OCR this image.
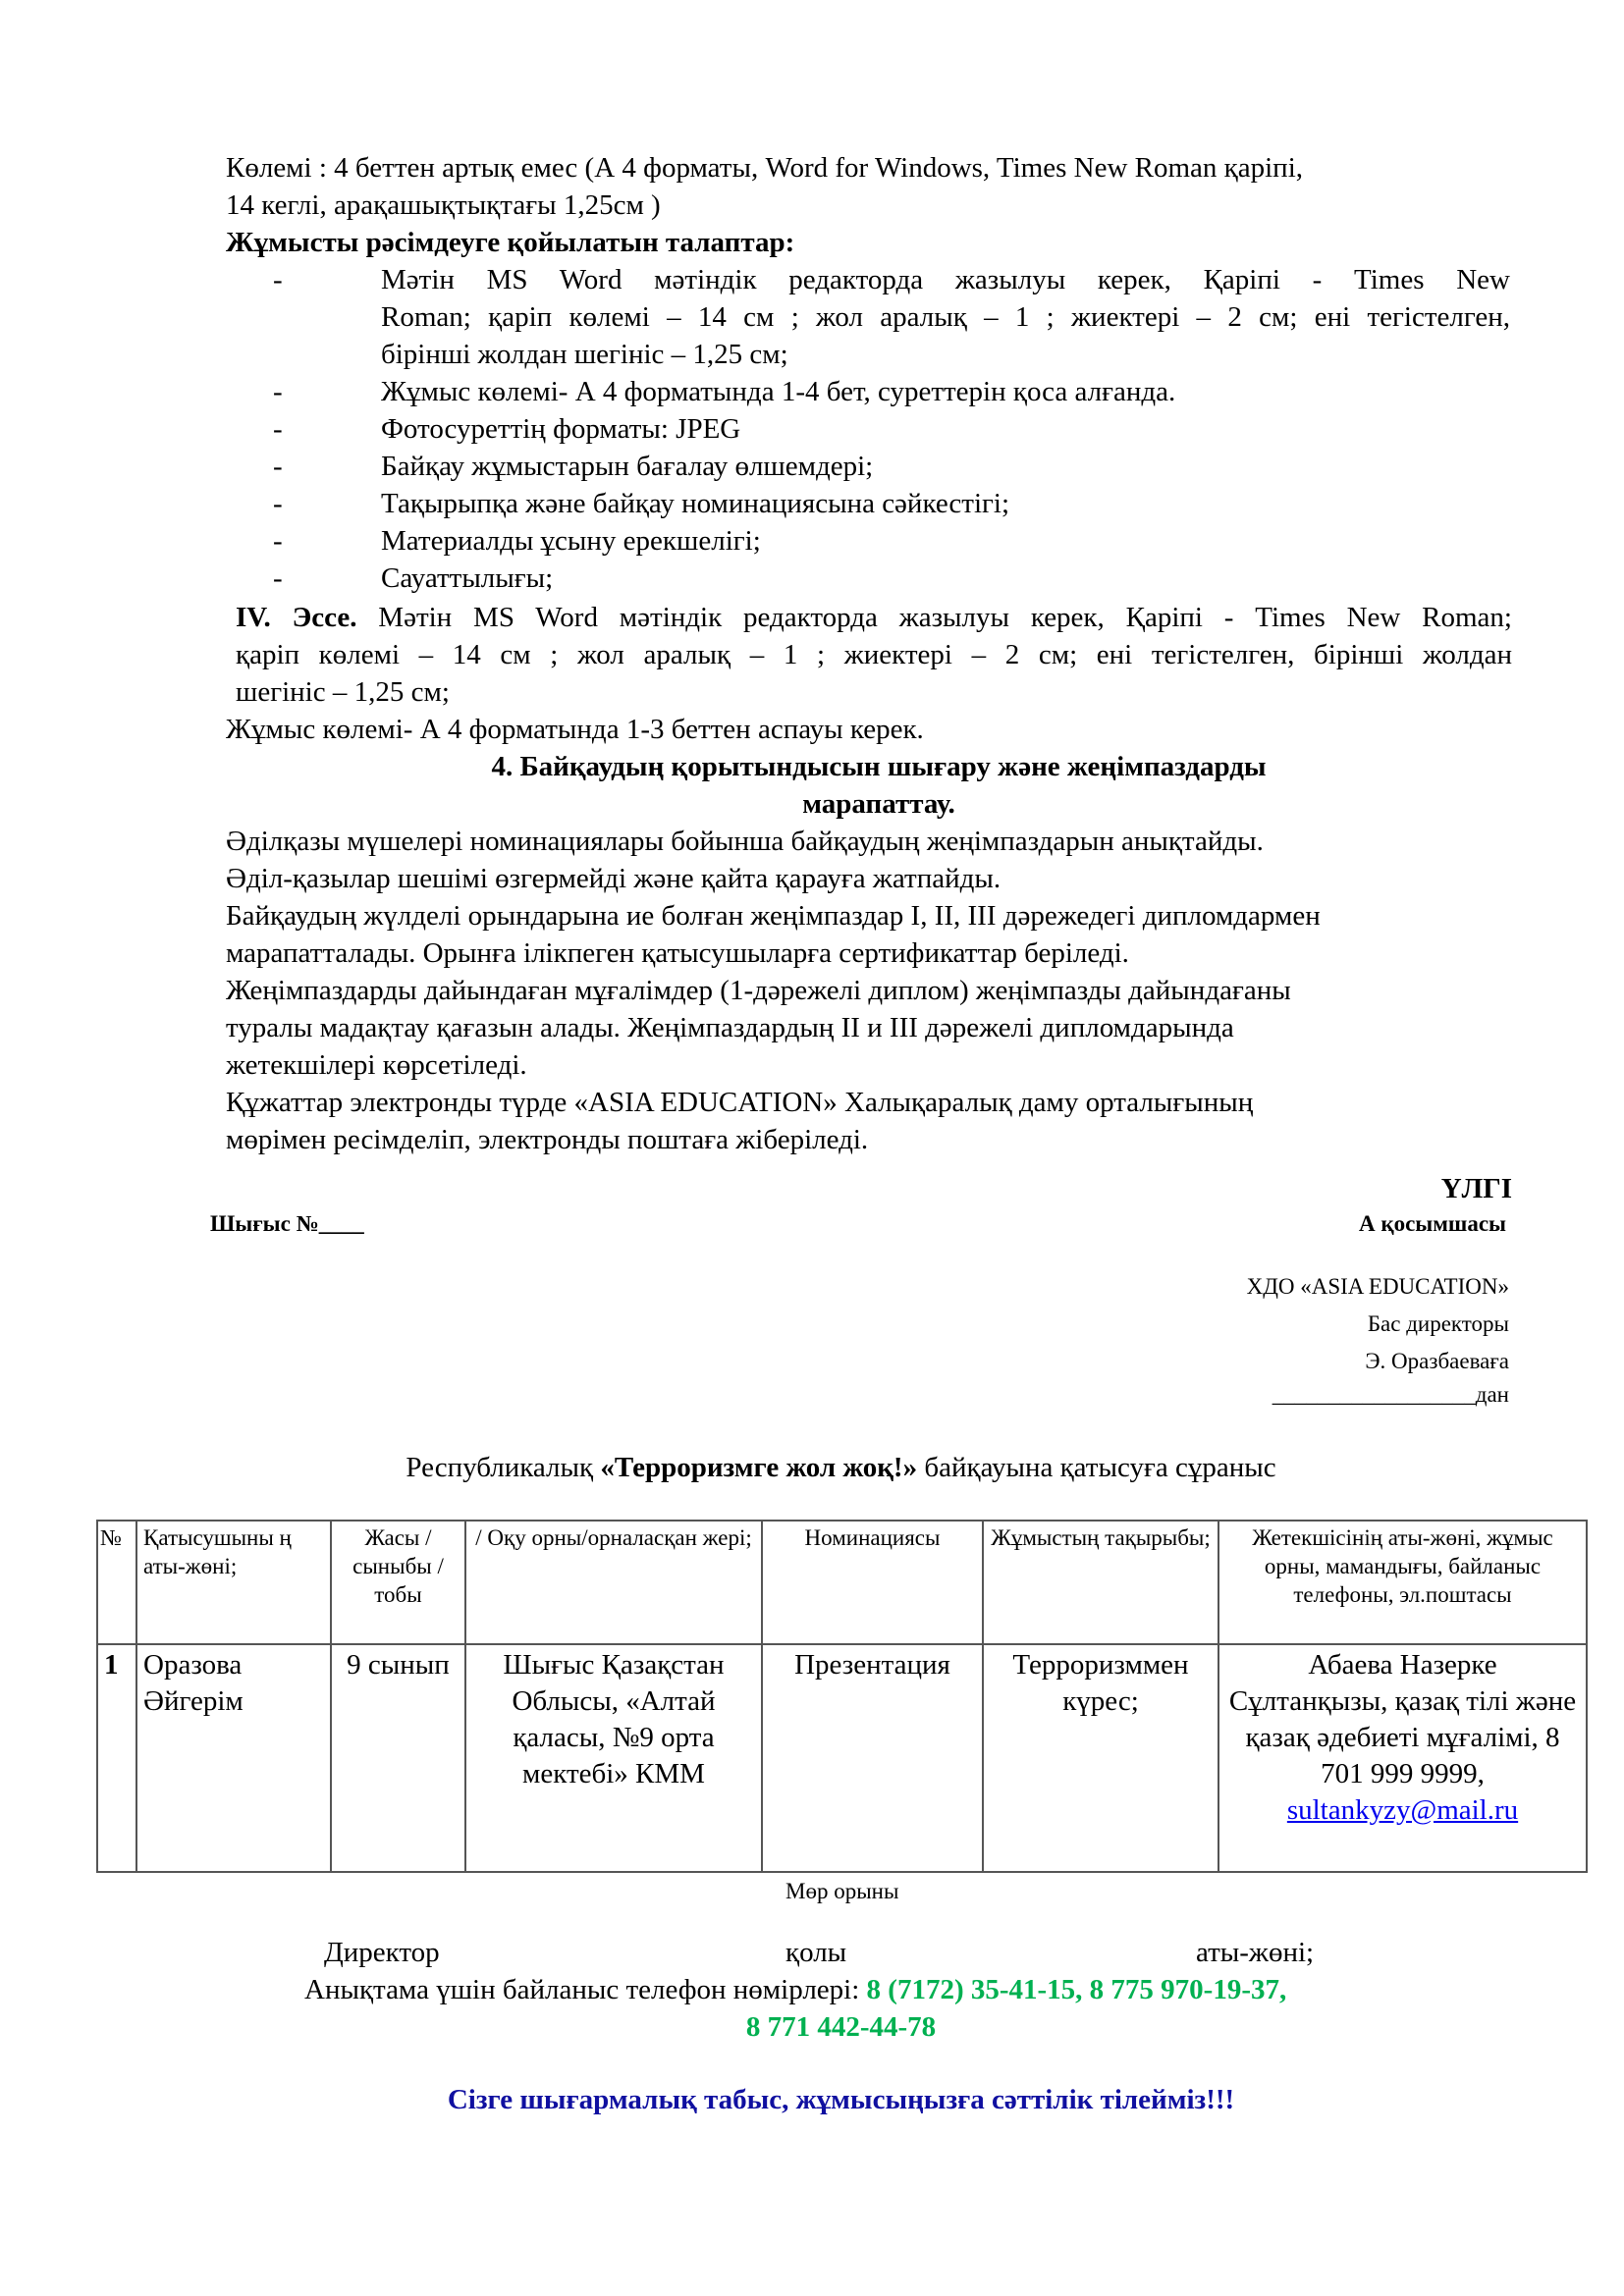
Көлемі : 4 беттен артық емес (А 4 форматы, Word for Windows, Times New Roman қаріпі,
14 кеглі, арақашықтықтағы 1,25см )
Жұмысты рәсімдеуге қойылатын талаптар:
-	Мәтін MS Word мәтіндік редакторда жазылуы керек, Қаріпі - Times New
Roman; қаріп көлемі – 14 см ; жол аралық – 1 ; жиектері – 2 см; ені тегістелген,
бірінші жолдан шегініс – 1,25 см;
-	Жұмыс көлемі- А 4 форматында 1-4 бет, суреттерін қоса алғанда.
-	Фотосуреттің форматы: JPEG
-	Байқау жұмыстарын бағалау өлшемдері;
-	Тақырыпқа және байқау номинациясына сәйкестігі;
-	Материалды ұсыну ерекшелігі;
-	Сауаттылығы;
IV. Эссе. Мәтін MS Word мәтіндік редакторда жазылуы керек, Қаріпі - Times New Roman;
қаріп көлемі – 14 см ; жол аралық – 1 ; жиектері – 2 см; ені тегістелген, бірінші жолдан
шегініс – 1,25 см;
Жұмыс көлемі- А 4 форматында 1-3 беттен аспауы керек.
4. Байқаудың қорытындысын шығару және жеңімпаздарды
марапаттау.
Әділқазы мүшелері номинациялары бойынша байқаудың жеңімпаздарын анықтайды.
Әділ-қазылар шешімі өзгермейді және қайта қарауға жатпайды.
Байқаудың жүлделі орындарына ие болған жеңімпаздар I, II, III дәрежедегі дипломдармен
марапатталады. Орынға ілікпеген қатысушыларға сертификаттар беріледі.
Жеңімпаздарды дайындаған мұғалімдер (1-дәрежелі диплом) жеңімпазды дайындағаны
туралы мадақтау қағазын алады. Жеңімпаздардың II и III дәрежелі дипломдарында
жетекшілері көрсетіледі.
Құжаттар электронды түрде «ASIA EDUCATION» Халықаралық даму орталығының
мөрімен ресімделіп, электронды поштаға жіберіледі.
ҮЛГІ
Шығыс №____	А қосымшасы
ХДО «ASIA EDUCATION»
Бас директоры
Э. Оразбаеваға
__________________дан
Республикалық «Терроризмге жол жоқ!» байқауына қатысуға сұраныс
№	Қатысушыны ң аты-жөні;	Жасы / сыныбы / тобы	/ Оқу орны/орналасқан жері;	Номинациясы	Жұмыстың тақырыбы;	Жетекшісінің аты-жөні, жұмыс орны, мамандығы, байланыс телефоны, эл.поштасы
1	Оразова Әйгерім	9 сынып	Шығыс Қазақстан Облысы, «Алтай қаласы, №9 орта мектебі» КММ	Презентация	Терроризммен күрес;	Абаева Назерке Сұлтанқызы, қазақ тілі және қазақ әдебиеті мұғалімі, 8 701 999 9999,
sultankyzy@mail.ru
Мөр орыны
Директор	қолы	аты-жөні;
Анықтама үшін байланыс телефон нөмірлері: 8 (7172) 35-41-15, 8 775 970-19-37,
8 771 442-44-78
Сізге шығармалық табыс, жұмысыңызға сәттілік тілейміз!!!
